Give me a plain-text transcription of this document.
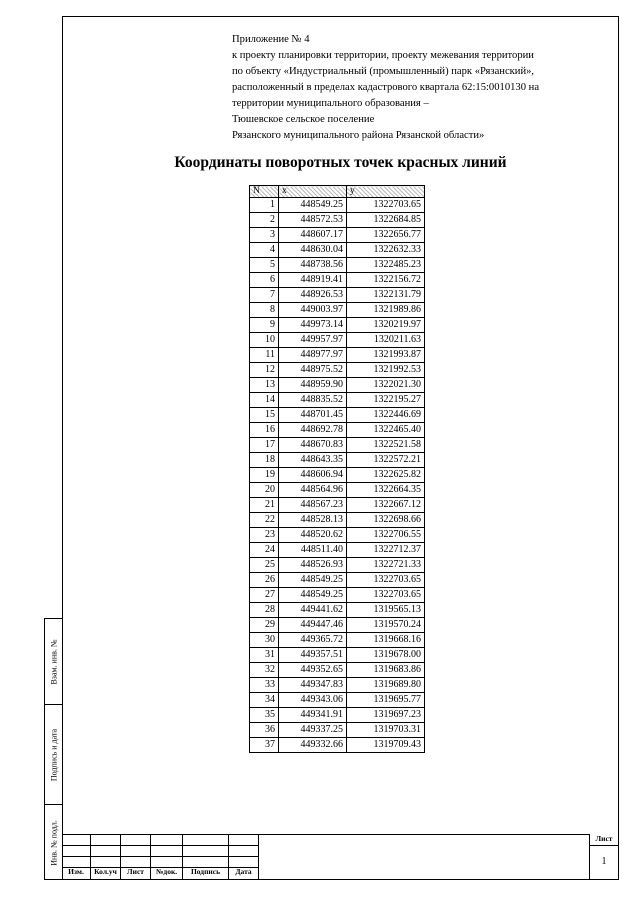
Взам. инв. №
Подпись и дата
Инв. № подл.
Приложение № 4
к проекту планировки территории, проекту межевания территории
по объекту «Индустриальный (промышленный) парк «Рязанский»,
расположенный в пределах кадастрового квартала 62:15:0010130 на
территории муниципального образования –
Тюшевское сельское поселение
Рязанского муниципального района Рязанской области»
Координаты поворотных точек красных линий
N	x	y
1	448549.25	1322703.65
2	448572.53	1322684.85
3	448607.17	1322656.77
4	448630.04	1322632.33
5	448738.56	1322485.23
6	448919.41	1322156.72
7	448926.53	1322131.79
8	449003.97	1321989.86
9	449973.14	1320219.97
10	449957.97	1320211.63
11	448977.97	1321993.87
12	448975.52	1321992.53
13	448959.90	1322021.30
14	448835.52	1322195.27
15	448701.45	1322446.69
16	448692.78	1322465.40
17	448670.83	1322521.58
18	448643.35	1322572.21
19	448606.94	1322625.82
20	448564.96	1322664.35
21	448567.23	1322667.12
22	448528.13	1322698.66
23	448520.62	1322706.55
24	448511.40	1322712.37
25	448526.93	1322721.33
26	448549.25	1322703.65
27	448549.25	1322703.65
28	449441.62	1319565.13
29	449447.46	1319570.24
30	449365.72	1319668.16
31	449357.51	1319678.00
32	449352.65	1319683.86
33	449347.83	1319689.80
34	449343.06	1319695.77
35	449341.91	1319697.23
36	449337.25	1319703.31
37	449332.66	1319709.43
Изм.	Кол.уч	Лист	№док.	Подпись	Дата
Лист
1
